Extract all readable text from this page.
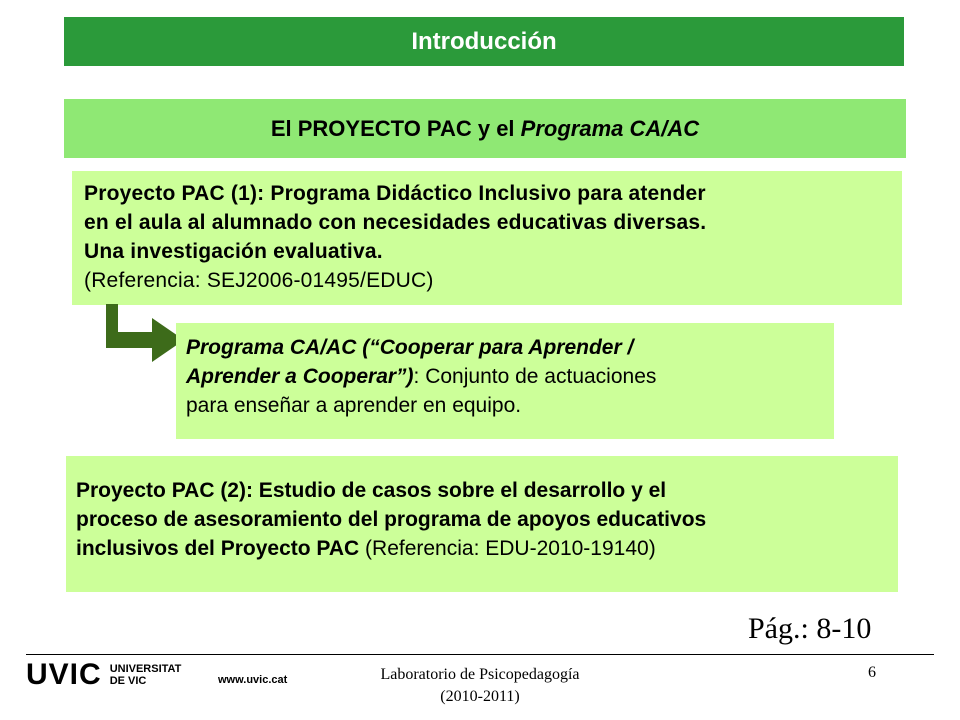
Introducción
El PROYECTO PAC y el Programa CA/AC
Proyecto PAC (1): Programa Didáctico Inclusivo para atender
en el aula al alumnado con necesidades educativas diversas.
Una investigación evaluativa.
(Referencia: SEJ2006-01495/EDUC)
Programa CA/AC (“Cooperar para Aprender /
Aprender a Cooperar”): Conjunto de actuaciones
para enseñar a aprender en equipo.
Proyecto PAC (2): Estudio de casos sobre el desarrollo y el
proceso de asesoramiento del programa de apoyos educativos
inclusivos del Proyecto PAC (Referencia: EDU-2010-19140)
Pág.: 8-10
UVIC UNIVERSITAT
DE VIC	www.uvic.cat	Laboratorio de Psicopedagogía
(2010-2011)
6
